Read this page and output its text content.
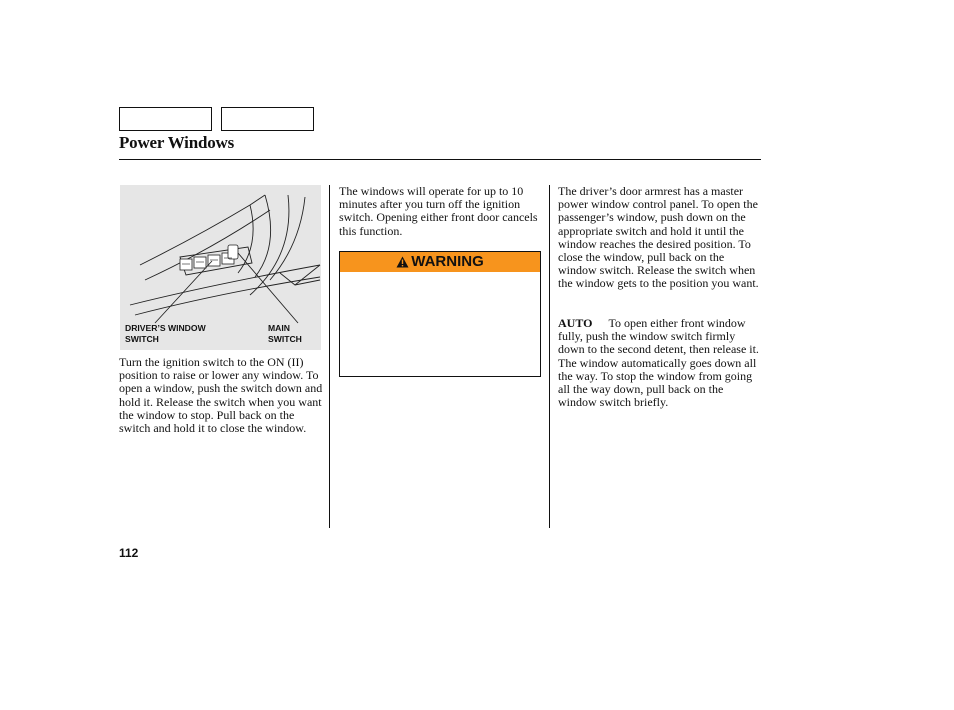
Power Windows
DRIVER’S WINDOW
SWITCH
MAIN
SWITCH
Turn the ignition switch to the ON (II) position to raise or lower any window. To open a window, push the switch down and hold it. Release the switch when you want the window to stop. Pull back on the switch and hold it to close the window.
The windows will operate for up to 10 minutes after you turn off the ignition switch. Opening either front door cancels this function.
WARNING
The driver’s door armrest has a master power window control panel. To open the passenger’s window, push down on the appropriate switch and hold it until the window reaches the desired position. To close the window, pull back on the window switch. Release the switch when the window gets to the position you want.
AUTO To open either front window fully, push the window switch firmly down to the second detent, then release it. The window automatically goes down all the way. To stop the window from going all the way down, pull back on the window switch briefly.
112
